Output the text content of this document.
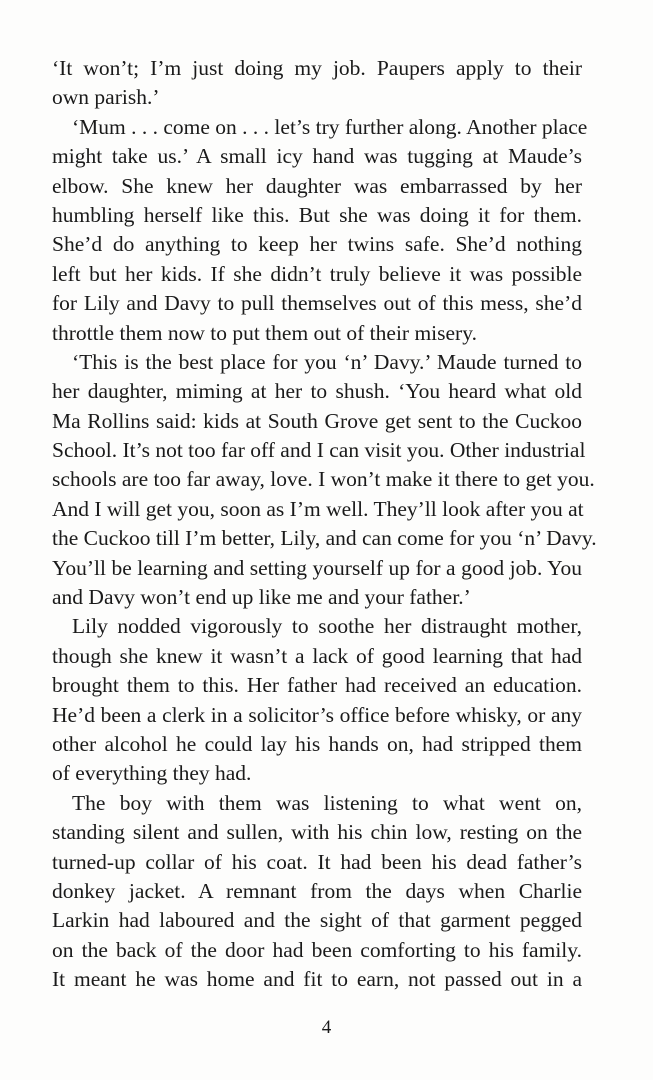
‘It won’t; I’m just doing my job. Paupers apply to their
own parish.’

‘Mum . . . come on . . . let’s try further along. Another place
might take us.’ A small icy hand was tugging at Maude’s
elbow. She knew her daughter was embarrassed by her
humbling herself like this. But she was doing it for them.
She’d do anything to keep her twins safe. She’d nothing
left but her kids. If she didn’t truly believe it was possible
for Lily and Davy to pull themselves out of this mess, she’d
throttle them now to put them out of their misery.

‘This is the best place for you ‘n’ Davy.’ Maude turned to
her daughter, miming at her to shush. ‘You heard what old
Ma Rollins said: kids at South Grove get sent to the Cuckoo
School. It’s not too far off and I can visit you. Other industrial
schools are too far away, love. I won’t make it there to get you.
And I will get you, soon as I’m well. They’ll look after you at
the Cuckoo till I’m better, Lily, and can come for you ‘n’ Davy.
You’ll be learning and setting yourself up for a good job. You
and Davy won’t end up like me and your father.’

Lily nodded vigorously to soothe her distraught mother,
though she knew it wasn’t a lack of good learning that had
brought them to this. Her father had received an education.
He’d been a clerk in a solicitor’s office before whisky, or any
other alcohol he could lay his hands on, had stripped them
of everything they had.

The boy with them was listening to what went on,
standing silent and sullen, with his chin low, resting on the
turned-up collar of his coat. It had been his dead father’s
donkey jacket. A remnant from the days when Charlie
Larkin had laboured and the sight of that garment pegged
on the back of the door had been comforting to his family.
It meant he was home and fit to earn, not passed out in a

4
